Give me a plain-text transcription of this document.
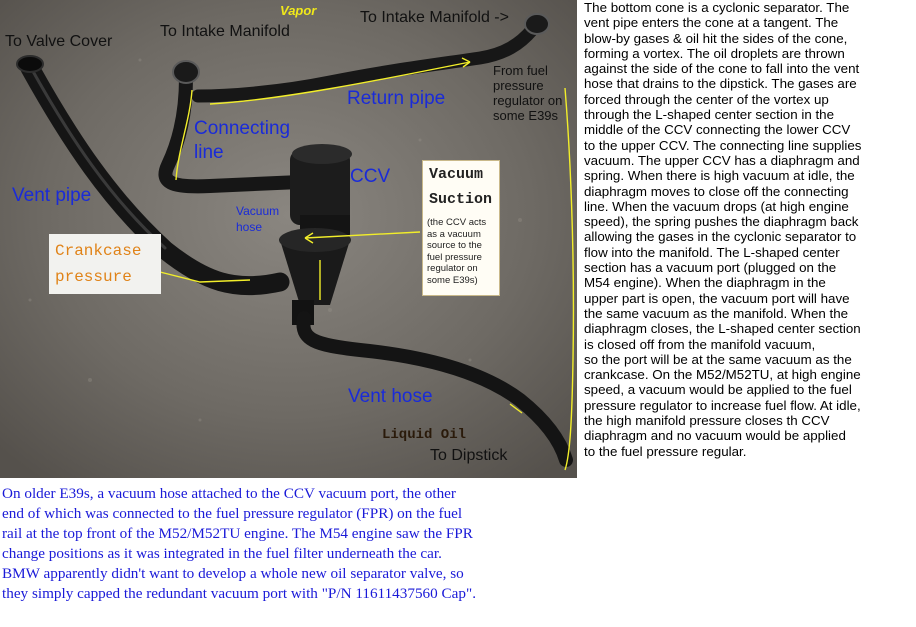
To Valve Cover
Vapor
To Intake Manifold
To Intake Manifold ->
Return pipe
Connecting
line
Vent pipe
CCV
Vacuum
hose
Vent hose
Liquid Oil
To Dipstick
Crankcase
pressure
Vacuum
Suction
(the CCV acts as a vacuum source to the fuel pressure regulator on some E39s)
From fuel pressure regulator on some E39s
The bottom cone is a cyclonic separator. The
vent pipe enters the cone at a tangent. The
blow-by gases & oil hit the sides of the cone,
forming a vortex. The oil droplets are thrown
against the side of the cone to fall into the vent
hose that drains to the dipstick. The gases are
forced through the center of the vortex up
through the L-shaped center section in the
middle of the CCV connecting the lower CCV
to the upper CCV. The connecting line supplies
vacuum. The upper CCV has a diaphragm and
spring. When there is high vacuum at idle, the
diaphragm moves to close off the connecting
line. When the vacuum drops (at high engine
speed), the spring pushes the diaphragm back
allowing the gases in the cyclonic separator to
flow into the manifold. The L-shaped center
section has a vacuum port (plugged on the
M54 engine). When the diaphragm in the
upper part is open, the vacuum port will have
the same vacuum as the manifold. When the
diaphragm closes, the L-shaped center section
is closed off from the manifold vacuum,
so the port will be at the same vacuum as the
crankcase. On the M52/M52TU, at high engine
speed, a vacuum would be applied to the fuel
pressure regulator to increase fuel flow. At idle,
the high manifold pressure closes th CCV
diaphragm and no vacuum would be applied
to the fuel pressure regular.
On older E39s, a vacuum hose attached to the CCV vacuum port, the other
end of which was connected to the fuel pressure regulator (FPR) on the fuel
rail at the top front of the M52/M52TU engine. The M54 engine saw the FPR
change positions as it was integrated in the fuel filter underneath the car.
BMW apparently didn't want to develop a whole new oil separator valve, so
they simply capped the redundant vacuum port with "P/N 11611437560 Cap".
